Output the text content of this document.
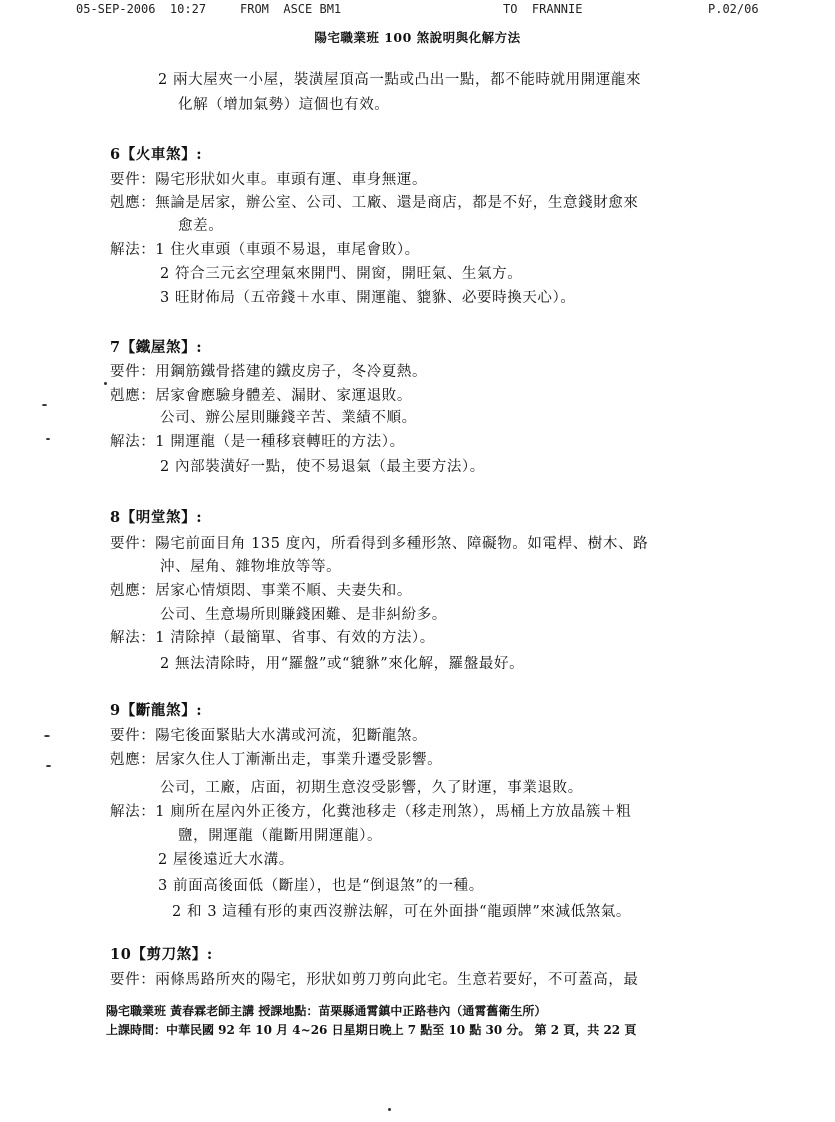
05-SEP-2006  10:27	FROM  ASCE BM1	TO  FRANNIE	P.02/06
陽宅職業班 100 煞說明與化解方法
2 兩大屋夾一小屋，裝潢屋頂高一點或凸出一點，都不能時就用開運龍來
化解（增加氣勢）這個也有效。
6【火車煞】:
要件：陽宅形狀如火車。車頭有運、車身無運。
剋應：無論是居家，辦公室、公司、工廠、還是商店，都是不好，生意錢財愈來
愈差。
解法：1 住火車頭（車頭不易退，車尾會敗）。
2 符合三元玄空理氣來開門、開窗，開旺氣、生氣方。
3 旺財佈局（五帝錢＋水車、開運龍、貔貅、必要時換天心）。
7【鐵屋煞】:
要件：用鋼筋鐵骨搭建的鐵皮房子，冬冷夏熱。
剋應：居家會應驗身體差、漏財、家運退敗。
公司、辦公屋則賺錢辛苦、業績不順。
解法：1 開運龍（是一種移衰轉旺的方法）。
2 內部裝潢好一點，使不易退氣（最主要方法）。
8【明堂煞】:
要件：陽宅前面目角 135 度內，所看得到多種形煞、障礙物。如電桿、樹木、路
沖、屋角、雜物堆放等等。
剋應：居家心情煩悶、事業不順、夫妻失和。
公司、生意場所則賺錢困難、是非糾紛多。
解法：1 清除掉（最簡單、省事、有效的方法）。
2 無法清除時，用“羅盤”或“貔貅”來化解，羅盤最好。
9【斷龍煞】:
要件：陽宅後面緊貼大水溝或河流，犯斷龍煞。
剋應：居家久住人丁漸漸出走，事業升遷受影響。
公司，工廠，店面，初期生意沒受影響，久了財運，事業退敗。
解法：1 廁所在屋內外正後方，化糞池移走（移走刑煞），馬桶上方放晶簇＋粗
鹽，開運龍（龍斷用開運龍）。
2 屋後遠近大水溝。
3 前面高後面低（斷崖），也是“倒退煞”的一種。
2 和 3 這種有形的東西沒辦法解，可在外面掛“龍頭牌”來減低煞氣。
10【剪刀煞】:
要件：兩條馬路所夾的陽宅，形狀如剪刀剪向此宅。生意若要好，不可蓋高，最
陽宅職業班 黃春霖老師主講 授課地點：苗栗縣通霄鎮中正路巷內（通霄舊衛生所）
上課時間：中華民國 92 年 10 月 4~26 日星期日晚上 7 點至 10 點 30 分。 第 2 頁，共 22 頁
